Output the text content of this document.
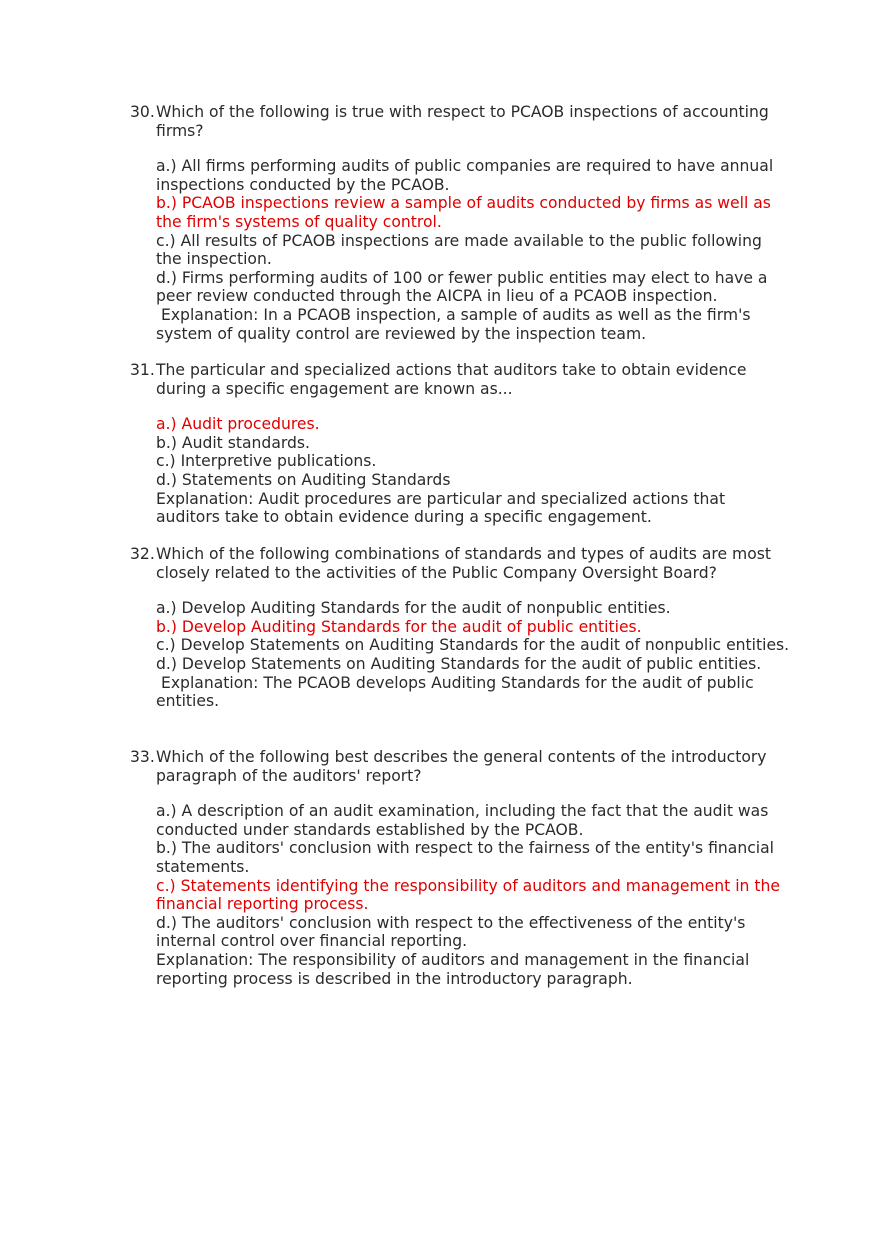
30. Which of the following is true with respect to PCAOB inspections of accounting firms?
a.) All firms performing audits of public companies are required to have annual inspections conducted by the PCAOB.
b.) PCAOB inspections review a sample of audits conducted by firms as well as the firm's systems of quality control.
c.) All results of PCAOB inspections are made available to the public following the inspection.
d.) Firms performing audits of 100 or fewer public entities may elect to have a peer review conducted through the AICPA in lieu of a PCAOB inspection.
Explanation: In a PCAOB inspection, a sample of audits as well as the firm's system of quality control are reviewed by the inspection team.
31. The particular and specialized actions that auditors take to obtain evidence during a specific engagement are known as...
a.) Audit procedures.
b.) Audit standards.
c.) Interpretive publications.
d.) Statements on Auditing Standards
Explanation: Audit procedures are particular and specialized actions that auditors take to obtain evidence during a specific engagement.
32. Which of the following combinations of standards and types of audits are most closely related to the activities of the Public Company Oversight Board?
a.) Develop Auditing Standards for the audit of nonpublic entities.
b.) Develop Auditing Standards for the audit of public entities.
c.) Develop Statements on Auditing Standards for the audit of nonpublic entities.
d.) Develop Statements on Auditing Standards for the audit of public entities.
Explanation: The PCAOB develops Auditing Standards for the audit of public entities.
33. Which of the following best describes the general contents of the introductory paragraph of the auditors' report?
a.) A description of an audit examination, including the fact that the audit was conducted under standards established by the PCAOB.
b.) The auditors' conclusion with respect to the fairness of the entity's financial statements.
c.) Statements identifying the responsibility of auditors and management in the financial reporting process.
d.) The auditors' conclusion with respect to the effectiveness of the entity's internal control over financial reporting.
Explanation: The responsibility of auditors and management in the financial reporting process is described in the introductory paragraph.
